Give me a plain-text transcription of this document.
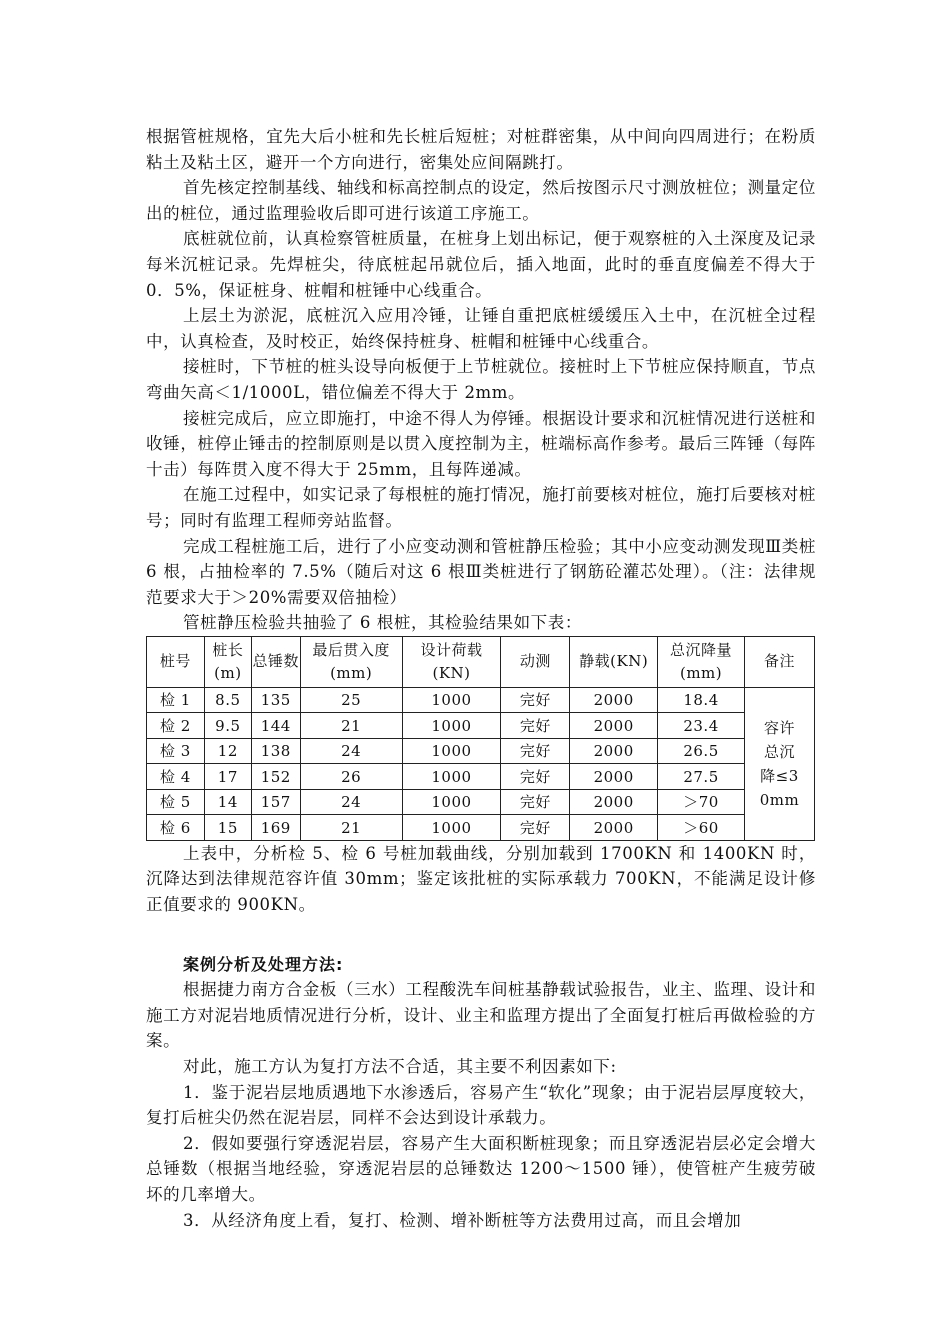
根据管桩规格，宜先大后小桩和先长桩后短桩；对桩群密集，从中间向四周进行；在粉质粘土及粘土区，避开一个方向进行，密集处应间隔跳打。

首先核定控制基线、轴线和标高控制点的设定，然后按图示尺寸测放桩位；测量定位出的桩位，通过监理验收后即可进行该道工序施工。

底桩就位前，认真检察管桩质量，在桩身上划出标记，便于观察桩的入土深度及记录每米沉桩记录。先焊桩尖，待底桩起吊就位后，插入地面，此时的垂直度偏差不得大于 0．5%，保证桩身、桩帽和桩锤中心线重合。

上层土为淤泥，底桩沉入应用冷锤，让锤自重把底桩缓缓压入土中，在沉桩全过程中，认真检查，及时校正，始终保持桩身、桩帽和桩锤中心线重合。

接桩时，下节桩的桩头设导向板便于上节桩就位。接桩时上下节桩应保持顺直，节点弯曲矢高＜1/1000L，错位偏差不得大于 2mm。

接桩完成后，应立即施打，中途不得人为停锤。根据设计要求和沉桩情况进行送桩和收锤，桩停止锤击的控制原则是以贯入度控制为主，桩端标高作参考。最后三阵锤（每阵十击）每阵贯入度不得大于 25mm，且每阵递减。

在施工过程中，如实记录了每根桩的施打情况，施打前要核对桩位，施打后要核对桩号；同时有监理工程师旁站监督。

完成工程桩施工后，进行了小应变动测和管桩静压检验；其中小应变动测发现Ⅲ类桩 6 根，占抽检率的 7.5%（随后对这 6 根Ⅲ类桩进行了钢筋砼灌芯处理）。（注：法律规范要求大于＞20%需要双倍抽检）

管桩静压检验共抽验了 6 根桩，其检验结果如下表：

桩号	桩长(m)	总锤数	最后贯入度(mm)	设计荷载(KN)	动测	静载(KN)	总沉降量(mm)	备注
检 1	8.5	135	25	1000	完好	2000	18.4	容许总沉降≤30mm

检 2	9.5	144	21	1000	完好	2000	23.4	
检 3	12	138	24	1000	完好	2000	26.5	
检 4	17	152	26	1000	完好	2000	27.5	
检 5	14	157	24	1000	完好	2000	＞70	
检 6	15	169	21	1000	完好	2000	＞60	

上表中，分析检 5、检 6 号桩加载曲线，分别加载到 1700KN 和 1400KN 时，沉降达到法律规范容许值 30mm；鉴定该批桩的实际承载力 700KN，不能满足设计修正值要求的 900KN。

案例分析及处理方法:

根据捷力南方合金板（三水）工程酸洗车间桩基静载试验报告，业主、监理、设计和施工方对泥岩地质情况进行分析，设计、业主和监理方提出了全面复打桩后再做检验的方案。

对此，施工方认为复打方法不合适，其主要不利因素如下:

1．鉴于泥岩层地质遇地下水渗透后，容易产生“软化”现象；由于泥岩层厚度较大，复打后桩尖仍然在泥岩层，同样不会达到设计承载力。

2．假如要强行穿透泥岩层，容易产生大面积断桩现象；而且穿透泥岩层必定会增大总锤数（根据当地经验，穿透泥岩层的总锤数达 1200～1500 锤），使管桩产生疲劳破坏的几率增大。

3．从经济角度上看，复打、检测、增补断桩等方法费用过高，而且会增加
